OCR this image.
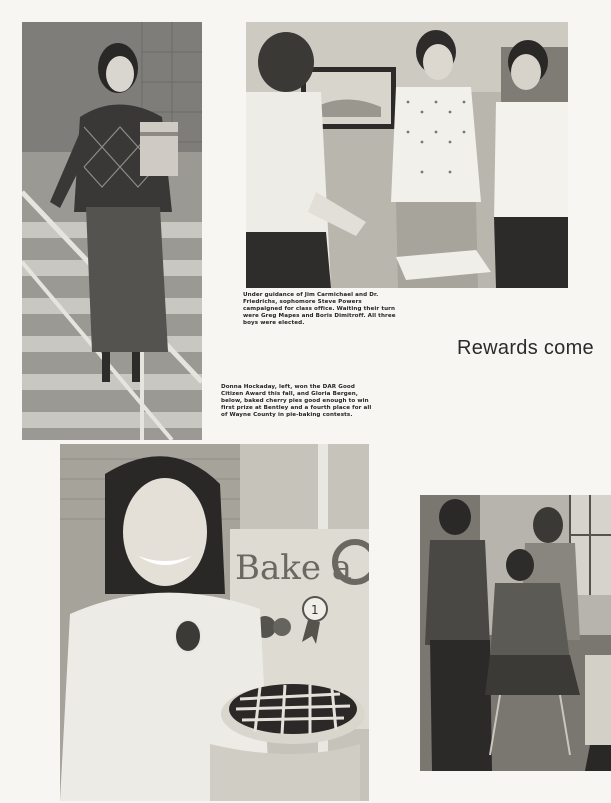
Under guidance of Jim Carmichael and Dr. Friedrichs, sophomore Steve Powers campaigned for class office. Waiting their turn were Greg Mapes and Boris Dimitroff. All three boys were elected.
Rewards come
Donna Hockaday, left, won the DAR Good Citizen Award this fall, and Gloria Bergen, below, baked cherry pies good enough to win first prize at Bentley and a fourth place for all of Wayne County in pie-baking contests.
Bake a
1
